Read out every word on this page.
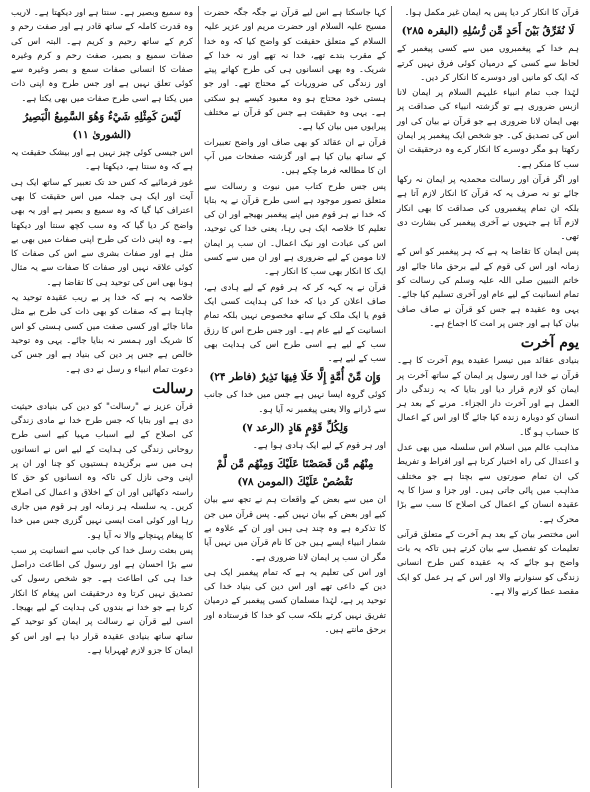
وہ سمیع وبصیر ہے۔ سنتا ہے اور دیکھتا ہے۔ لاریب وہ قدرت کاملہ کے ساتھ قادر ہے اور صفت رحم و کرم کے ساتھ رحیم و کریم ہے۔ البتہ اس کی صفات سمیع و بصیر، صفت رحم و کرم وغیرہ صفات کا انسانی صفات سمع و بصر وغیرہ سے کوئی تعلق نہیں ہے اور جس طرح وہ اپنی ذات میں یکتا ہے اسی طرح صفات میں بھی یکتا ہے۔

لَيْسَ كَمِثْلِهِ شَيْءٌ وَهُوَ السَّمِيعُ الْبَصِيرُ (الشوریٰ ۱۱)

اس جیسی کوئی چیز نہیں ہے اور بیشک حقیقت یہ ہے کہ وہ سنتا ہے، دیکھتا ہے۔

غور فرمائیے کہ کس حد تک تعبیر کے ساتھ ایک ہی آیت اور ایک ہی جملہ میں اس حقیقت کا بھی اعتراف کیا گیا کہ وہ سمیع و بصیر ہے اور یہ بھی واضح کر دیا گیا کہ وہ سب کچھ سنتا اور دیکھتا ہے۔ وہ اپنی ذات کی طرح اپنی صفات میں بھی بے مثل ہے اور صفات بشری سے اس کی صفات کا کوئی علاقہ نہیں اور صفات کا صفات سے یہ مثال ہونا بھی اس کی توحید ہی کا تقاضا ہے۔

خلاصہ یہ ہے کہ خدا پر بے ریب عقیدہ توحید یہ چاہتا ہے کہ صفات کو بھی ذات کی طرح بے مثل مانا جائے اور کسی صفت میں کسی ہستی کو اس کا شریک اور ہمسر نہ بنایا جائے۔ یہی وہ توحید خالص ہے جس پر دین کی بنیاد ہے اور جس کی دعوت تمام انبیاء و رسل نے دی ہے۔

رسالت

قرآن عزیز نے "رسالت" کو دین کی بنیادی حیثیت دی ہے اور بتایا کہ جس طرح خدا نے مادی زندگی کی اصلاح کے لیے اسباب مہیا کیے اسی طرح روحانی زندگی کی ہدایت کے لیے اس نے انسانوں ہی میں سے برگزیدہ ہستیوں کو چنا اور ان پر اپنی وحی نازل کی تاکہ وہ انسانوں کو حق کا راستہ دکھائیں اور ان کے اخلاق و اعمال کی اصلاح کریں۔ یہ سلسلہ ہر زمانہ اور ہر قوم میں جاری رہا اور کوئی امت ایسی نہیں گزری جس میں خدا کا پیغام پہنچانے والا نہ آیا ہو۔

پس بعثت رسل خدا کی جانب سے انسانیت پر سب سے بڑا احسان ہے اور رسول کی اطاعت دراصل خدا ہی کی اطاعت ہے۔ جو شخص رسول کی تصدیق نہیں کرتا وہ درحقیقت اس پیغام کا انکار کرتا ہے جو خدا نے بندوں کی ہدایت کے لیے بھیجا۔ اسی لیے قرآن نے رسالت پر ایمان کو توحید کے ساتھ ساتھ بنیادی عقیدہ قرار دیا ہے اور اس کو ایمان کا جزو لازم ٹھہرایا ہے۔

کہا جاسکتا ہے اس لیے قرآن نے جگہ جگہ حضرت مسیح علیہ السلام اور حضرت مریم اور عزیر علیہ السلام کے متعلق حقیقت کو واضح کیا کہ وہ خدا کے مقرب بندے تھے، خدا نہ تھے اور نہ خدا کے شریک۔ وہ بھی انسانوں ہی کی طرح کھاتے پیتے اور زندگی کی ضروریات کے محتاج تھے۔ اور جو ہستی خود محتاج ہو وہ معبود کیسے ہو سکتی ہے۔ یہی وہ حقیقت ہے جس کو قرآن نے مختلف پیرایوں میں بیان کیا ہے۔

قرآن نے ان عقائد کو بھی صاف اور واضح تعبیرات کے ساتھ بیان کیا ہے اور گزشتہ صفحات میں آپ ان کا مطالعہ فرما چکے ہیں۔

پس جس طرح کتاب میں نبوت و رسالت سے متعلق تصور موجود ہے اسی طرح قرآن نے یہ بتایا کہ خدا نے ہر قوم میں اپنے پیغمبر بھیجے اور ان کی تعلیم کا خلاصہ ایک ہی رہا، یعنی خدا کی توحید، اس کی عبادت اور نیک اعمال۔ ان سب پر ایمان لانا مومن کے لیے ضروری ہے اور ان میں سے کسی ایک کا انکار بھی سب کا انکار ہے۔

قرآن نے یہ کہہ کر کہ ہر قوم کے لیے ہادی ہے، صاف اعلان کر دیا کہ خدا کی ہدایت کسی ایک قوم یا ایک ملک کے ساتھ مخصوص نہیں بلکہ تمام انسانیت کے لیے عام ہے۔ اور جس طرح اس کا رزق سب کے لیے ہے اسی طرح اس کی ہدایت بھی سب کے لیے ہے۔

وَإِن مِّنْ أُمَّةٍ إِلَّا خَلَا فِيهَا نَذِيرٌ (فاطر ۲۴)

کوئی گروہ ایسا نہیں ہے جس میں خدا کی جانب سے ڈرانے والا یعنی پیغمبر نہ آیا ہو۔

وَلِكُلِّ قَوْمٍ هَادٍ (الرعد ۷)

اور ہر قوم کے لیے ایک ہادی ہوا ہے۔

مِنْهُم مَّن قَصَصْنَا عَلَيْكَ وَمِنْهُم مَّن لَّمْ نَقْصُصْ عَلَيْكَ (المومن ۷۸)

ان میں سے بعض کے واقعات ہم نے تجھ سے بیان کیے اور بعض کے بیان نہیں کیے۔ پس قرآن میں جن کا تذکرہ ہے وہ چند ہی ہیں اور ان کے علاوہ بے شمار انبیاء ایسے ہیں جن کا نام قرآن میں نہیں آیا مگر ان سب پر ایمان لانا ضروری ہے۔

اور اس کی تعلیم یہ ہے کہ تمام پیغمبر ایک ہی دین کے داعی تھے اور اس دین کی بنیاد خدا کی توحید پر ہے، لہٰذا مسلمان کسی پیغمبر کے درمیان تفریق نہیں کرتے بلکہ سب کو خدا کا فرستادہ اور برحق مانتے ہیں۔

قرآن کا انکار کر دیا پس یہ ایمان غیر مکمل ہوا۔

لَا نُفَرِّقُ بَيْنَ أَحَدٍ مِّن رُّسُلِهِ (البقرہ ۲۸۵)

ہم خدا کے پیغمبروں میں سے کسی پیغمبر کے لحاظ سے کسی کے درمیان کوئی فرق نہیں کرتے کہ ایک کو مانیں اور دوسرے کا انکار کر دیں۔

لہٰذا جب تمام انبیاء علیہم السلام پر ایمان لانا ازبس ضروری ہے تو گزشتہ انبیاء کی صداقت پر بھی ایمان لانا ضروری ہے جو قرآن نے بیان کی اور اس کی تصدیق کی۔ جو شخص ایک پیغمبر پر ایمان رکھتا ہو مگر دوسرے کا انکار کرے وہ درحقیقت ان سب کا منکر ہے۔

اور اگر قرآن اور رسالت محمدیہ پر ایمان نہ رکھا جائے تو نہ صرف یہ کہ قرآن کا انکار لازم آتا ہے بلکہ ان تمام پیغمبروں کی صداقت کا بھی انکار لازم آتا ہے جنہوں نے آخری پیغمبر کی بشارت دی تھی۔

پس ایمان کا تقاضا یہ ہے کہ ہر پیغمبر کو اس کے زمانہ اور اس کی قوم کے لیے برحق مانا جائے اور خاتم النبیین صلی اللہ علیہ وسلم کی رسالت کو تمام انسانیت کے لیے عام اور آخری تسلیم کیا جائے۔ یہی وہ عقیدہ ہے جس کو قرآن نے صاف صاف بیان کیا ہے اور جس پر امت کا اجماع ہے۔

یوم آخرت

بنیادی عقائد میں تیسرا عقیدہ یوم آخرت کا ہے۔ قرآن نے خدا اور رسول پر ایمان کے ساتھ آخرت پر ایمان کو لازم قرار دیا اور بتایا کہ یہ زندگی دار العمل ہے اور آخرت دار الجزاء۔ مرنے کے بعد ہر انسان کو دوبارہ زندہ کیا جائے گا اور اس کے اعمال کا حساب ہو گا۔

مذاہب عالم میں اسلام اس سلسلہ میں بھی عدل و اعتدال کی راہ اختیار کرتا ہے اور افراط و تفریط کی ان تمام صورتوں سے بچتا ہے جو مختلف مذاہب میں پائی جاتی ہیں۔ اور جزا و سزا کا یہ عقیدہ انسان کے اعمال کی اصلاح کا سب سے بڑا محرک ہے۔

اس مختصر بیان کے بعد ہم آخرت کے متعلق قرآنی تعلیمات کو تفصیل سے بیان کرتے ہیں تاکہ یہ بات واضح ہو جائے کہ یہ عقیدہ کس طرح انسانی زندگی کو سنوارنے والا اور اس کے ہر عمل کو ایک مقصد عطا کرنے والا ہے۔
